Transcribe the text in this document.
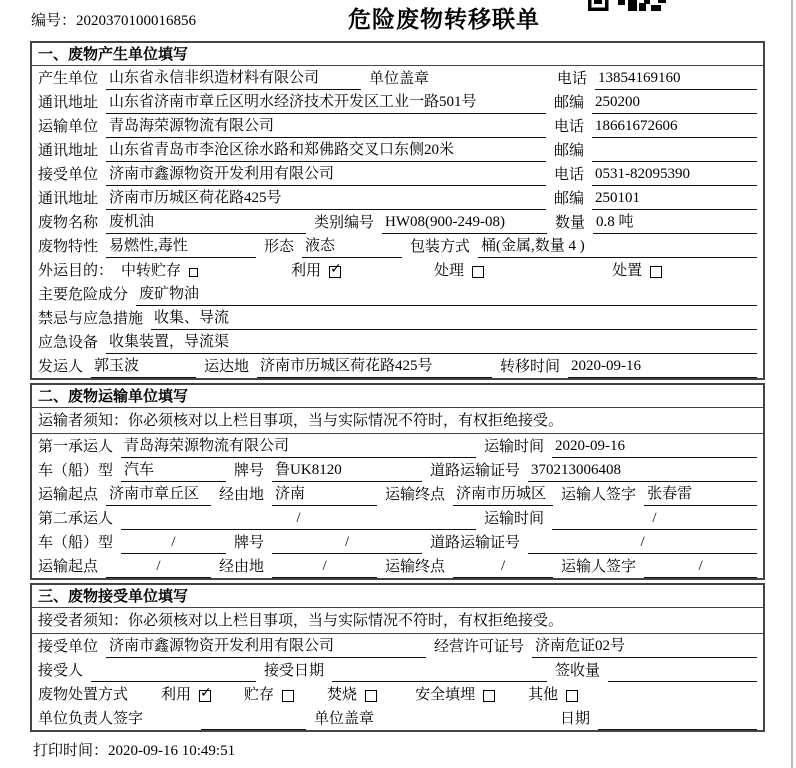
编号：2020370100016856	危险废物转移联单
一、废物产生单位填写
产生单位 山东省永信非织造材料有限公司	单位盖章	电话 13854169160
通讯地址 山东省济南市章丘区明水经济技术开发区工业一路501号	邮编 250200
运输单位 青岛海荣源物流有限公司	电话 18661672606
通讯地址 山东省青岛市李沧区徐水路和郑佛路交叉口东侧20米	邮编
接受单位 济南市鑫源物资开发利用有限公司	电话 0531-82095390
通讯地址 济南市历城区荷花路425号	邮编 250101
废物名称 废机油	类别编号 HW08(900-249-08)	数量 0.8 吨
废物特性 易燃性,毒性	形态 液态	包装方式 桶(金属,数量 4 )
外运目的： 中转贮存	利用 ✓	处理	处置
主要危险成分 废矿物油
禁忌与应急措施 收集、导流
应急设备 收集装置，导流渠
发运人 郭玉波	运达地 济南市历城区荷花路425号	转移时间 2020-09-16
二、废物运输单位填写
运输者须知：你必须核对以上栏目事项，当与实际情况不符时，有权拒绝接受。
第一承运人 青岛海荣源物流有限公司	运输时间 2020-09-16
车（船）型 汽车	牌号 鲁UK8120	道路运输证号 370213006408
运输起点 济南市章丘区	经由地 济南	运输终点 济南市历城区 运输人签字 张春雷
第二承运人	/	运输时间	/
车（船）型	/	牌号	/	道路运输证号	/
运输起点	/	经由地	/	运输终点	/	运输人签字	/
三、废物接受单位填写
接受者须知：你必须核对以上栏目事项，当与实际情况不符时，有权拒绝接受。
接受单位 济南市鑫源物资开发利用有限公司	经营许可证号 济南危证02号
接受人	接受日期	签收量
废物处置方式 利用 ✓	贮存	焚烧	安全填埋	其他
单位负责人签字	单位盖章	日期
打印时间：2020-09-16 10:49:51
